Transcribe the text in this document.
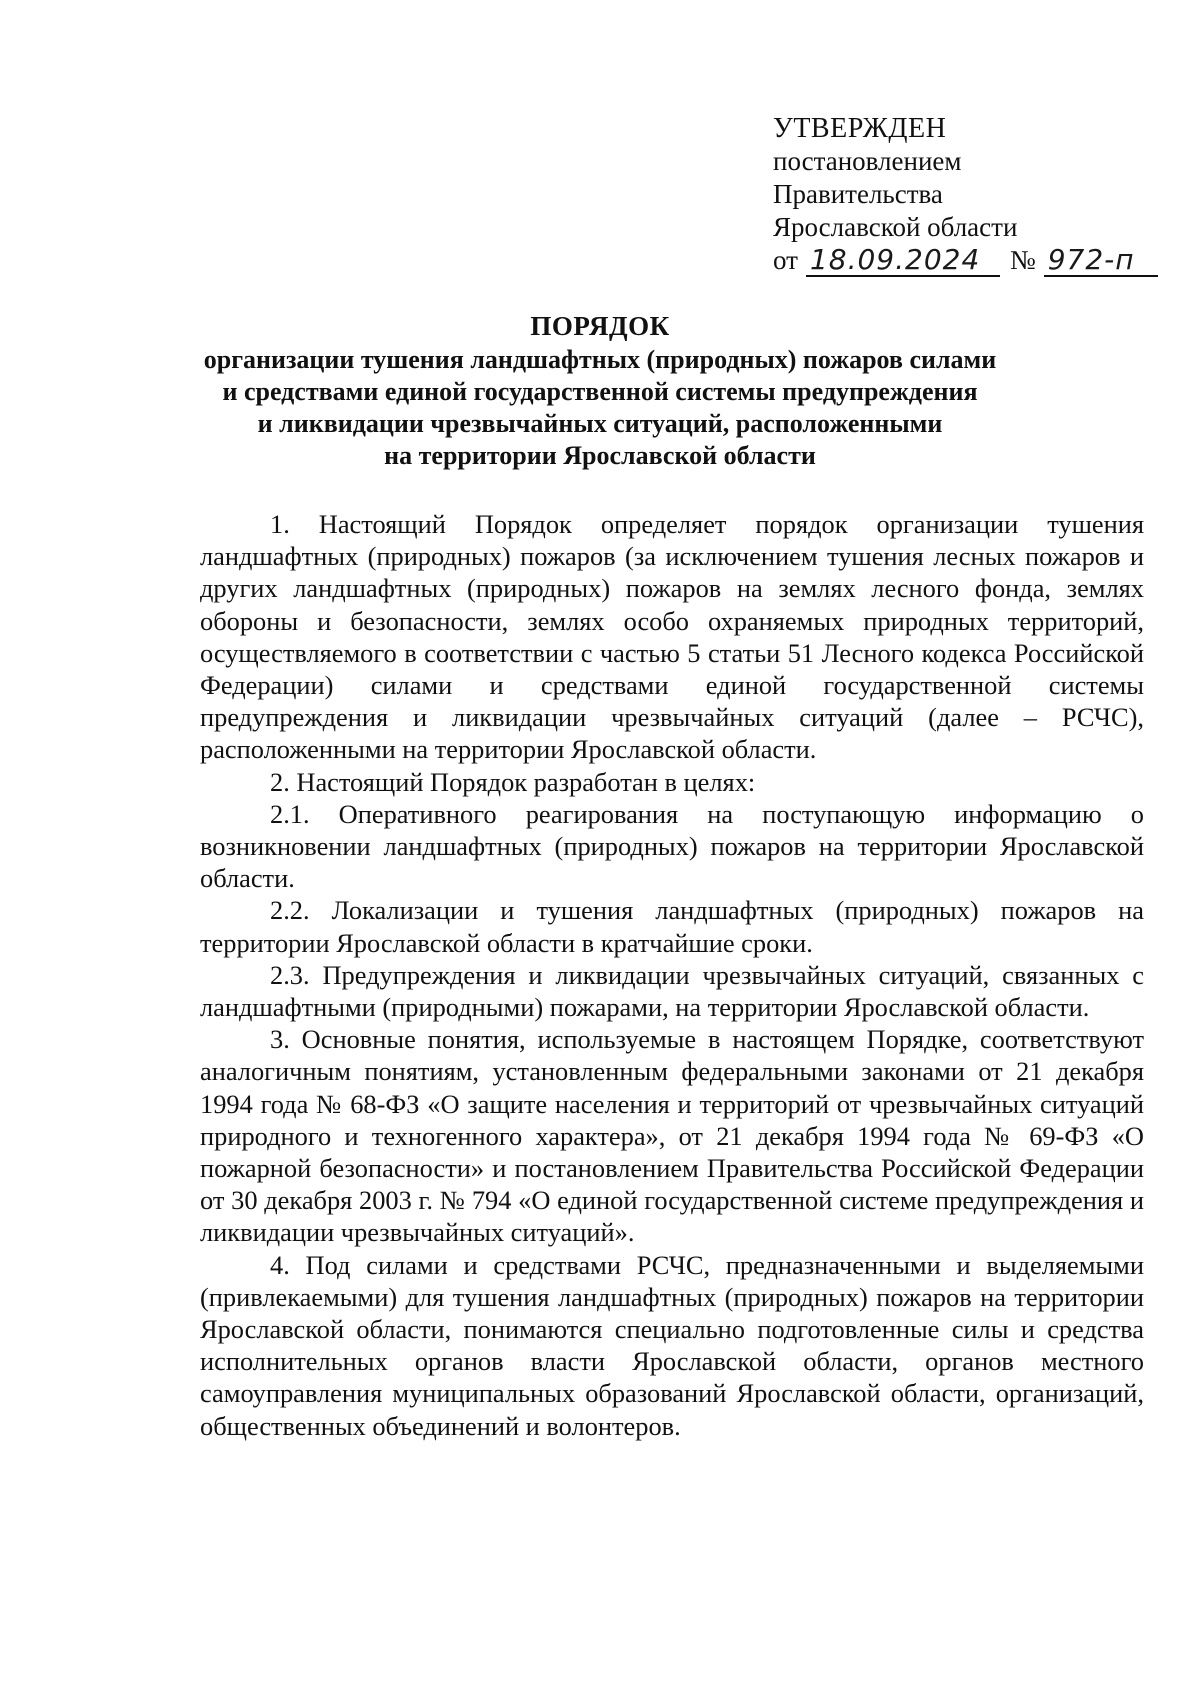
УТВЕРЖДЕН
постановлением
Правительства
Ярославской области
от 18.09.2024	№ 972-п
ПОРЯДОК
организации тушения ландшафтных (природных) пожаров силами
и средствами единой государственной системы предупреждения
и ликвидации чрезвычайных ситуаций, расположенными
на территории Ярославской области

1. Настоящий Порядок определяет порядок организации тушения ландшафтных (природных) пожаров (за исключением тушения лесных пожаров и других ландшафтных (природных) пожаров на землях лесного фонда, землях обороны и безопасности, землях особо охраняемых природных территорий, осуществляемого в соответствии с частью 5 статьи 51 Лесного кодекса Российской Федерации) силами и средствами единой государственной системы предупреждения и ликвидации чрезвычайных ситуаций (далее – РСЧС), расположенными на территории Ярославской области.

2. Настоящий Порядок разработан в целях:

2.1. Оперативного реагирования на поступающую информацию о возникновении ландшафтных (природных) пожаров на территории Ярославской области.

2.2. Локализации и тушения ландшафтных (природных) пожаров на территории Ярославской области в кратчайшие сроки.

2.3. Предупреждения и ликвидации чрезвычайных ситуаций, связанных с ландшафтными (природными) пожарами, на территории Ярославской области.

3. Основные понятия, используемые в настоящем Порядке, соответствуют аналогичным понятиям, установленным федеральными законами от 21 декабря 1994 года № 68-ФЗ «О защите населения и территорий от чрезвычайных ситуаций природного и техногенного характера», от 21 декабря 1994 года № 69-ФЗ «О пожарной безопасности» и постановлением Правительства Российской Федерации от 30 декабря 2003 г. № 794 «О единой государственной системе предупреждения и ликвидации чрезвычайных ситуаций».

4. Под силами и средствами РСЧС, предназначенными и выделяемыми (привлекаемыми) для тушения ландшафтных (природных) пожаров на территории Ярославской области, понимаются специально подготовленные силы и средства исполнительных органов власти Ярославской области, органов местного самоуправления муниципальных образований Ярославской области, организаций, общественных объединений и волонтеров.
